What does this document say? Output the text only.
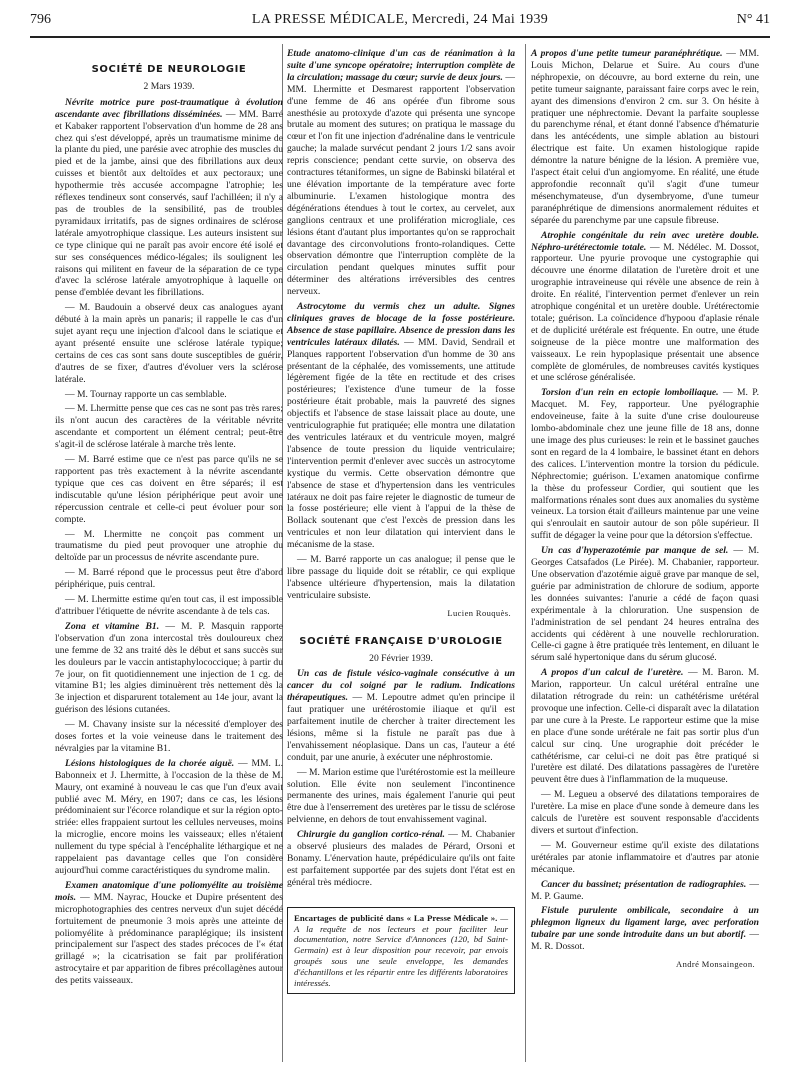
796	LA PRESSE MÉDICALE, Mercredi, 24 Mai 1939	N° 41
SOCIÉTÉ DE NEUROLOGIE
2 Mars 1939.

Névrite motrice pure post-traumatique à évolution ascendante avec fibrillations disséminées. — MM. Barré et Kabaker rapportent l'observation d'un homme de 28 ans chez qui s'est développé, après un traumatisme minime de la plante du pied, une parésie avec atrophie des muscles du pied et de la jambe, ainsi que des fibrillations aux deux cuisses et bientôt aux deltoïdes et aux pectoraux; une hypothermie très accusée accompagne l'atrophie; les réflexes tendineux sont conservés, sauf l'achilléen; il n'y a pas de troubles de la sensibilité, pas de troubles pyramidaux irritatifs, pas de signes ordinaires de sclérose latérale amyotrophique classique. Les auteurs insistent sur ce type clinique qui ne paraît pas avoir encore été isolé et sur ses conséquences médico-légales; ils soulignent les raisons qui militent en faveur de la séparation de ce type d'avec la sclérose latérale amyotrophique à laquelle on pense d'emblée devant les fibrillations.

— M. Baudouin a observé deux cas analogues ayant débuté à la main après un panaris; il rappelle le cas d'un sujet ayant reçu une injection d'alcool dans le sciatique et ayant présenté ensuite une sclérose latérale typique; certains de ces cas sont sans doute susceptibles de guérir, d'autres de se fixer, d'autres d'évoluer vers la sclérose latérale.

— M. Tournay rapporte un cas semblable.

— M. Lhermitte pense que ces cas ne sont pas très rares; ils n'ont aucun des caractères de la véritable névrite ascendante et comportent un élément central; peut-être s'agit-il de sclérose latérale à marche très lente.

— M. Barré estime que ce n'est pas parce qu'ils ne se rapportent pas très exactement à la névrite ascendante typique que ces cas doivent en être séparés; il est indiscutable qu'une lésion périphérique peut avoir une répercussion centrale et celle-ci peut évoluer pour son compte.

— M. Lhermitte ne conçoit pas comment un traumatisme du pied peut provoquer une atrophie du deltoïde par un processus de névrite ascendante pure.

— M. Barré répond que le processus peut être d'abord périphérique, puis central.

— M. Lhermitte estime qu'en tout cas, il est impossible d'attribuer l'étiquette de névrite ascendante à de tels cas.

Zona et vitamine B1. — M. P. Masquin rapporte l'observation d'un zona intercostal très douloureux chez une femme de 32 ans traité dès le début et sans succès sur les douleurs par le vaccin antistaphylococcique; à partir du 7e jour, on fit quotidiennement une injection de 1 cg. de vitamine B1; les algies diminuèrent très nettement dès la 3e injection et disparurent totalement au 14e jour, avant la guérison des lésions cutanées.

— M. Chavany insiste sur la nécessité d'employer des doses fortes et la voie veineuse dans le traitement des névralgies par la vitamine B1.

Lésions histologiques de la chorée aiguë. — MM. L. Babonneix et J. Lhermitte, à l'occasion de la thèse de M. Maury, ont examiné à nouveau le cas que l'un d'eux avait publié avec M. Méry, en 1907; dans ce cas, les lésions prédominaient sur l'écorce rolandique et sur la région opto-striée: elles frappaient surtout les cellules nerveuses, moins la microglie, encore moins les vaisseaux; elles n'étaient nullement du type spécial à l'encéphalite léthargique et ne rappelaient pas davantage celles que l'on considère aujourd'hui comme caractéristiques du syndrome malin.

Examen anatomique d'une poliomyélite au troisième mois. — MM. Nayrac, Houcke et Dupire présentent des microphotographies des centres nerveux d'un sujet décédé fortuitement de pneumonie 3 mois après une atteinte de poliomyélite à prédominance paraplégique; ils insistent principalement sur l'aspect des stades précoces de l'« état grillagé »; la cicatrisation se fait par prolifération astrocytaire et par apparition de fibres précollagènes autour des petits vaisseaux.

Etude anatomo-clinique d'un cas de réanimation à la suite d'une syncope opératoire; interruption complète de la circulation; massage du cœur; survie de deux jours. — MM. Lhermitte et Desmarest rapportent l'observation d'une femme de 46 ans opérée d'un fibrome sous anesthésie au protoxyde d'azote qui présenta une syncope brutale au moment des sutures; on pratiqua le massage du cœur et l'on fit une injection d'adrénaline dans le ventricule gauche; la malade survécut pendant 2 jours 1/2 sans avoir repris conscience; pendant cette survie, on observa des contractures tétaniformes, un signe de Babinski bilatéral et une élévation importante de la température avec forte albuminurie. L'examen histologique montra des dégénérations étendues à tout le cortex, au cervelet, aux ganglions centraux et une prolifération microgliale, ces lésions étant d'autant plus importantes qu'on se rapprochait davantage des circonvolutions fronto-rolandiques. Cette observation démontre que l'interruption complète de la circulation pendant quelques minutes suffit pour déterminer des altérations irréversibles des centres nerveux.

Astrocytome du vermis chez un adulte. Signes cliniques graves de blocage de la fosse postérieure. Absence de stase papillaire. Absence de pression dans les ventricules latéraux dilatés. — MM. David, Sendrail et Planques rapportent l'observation d'un homme de 30 ans présentant de la céphalée, des vomissements, une attitude légèrement figée de la tête en rectitude et des crises postérieures; l'existence d'une tumeur de la fosse postérieure était probable, mais la pauvreté des signes objectifs et l'absence de stase laissait place au doute, une ventriculographie fut pratiquée; elle montra une dilatation des ventricules latéraux et du ventricule moyen, malgré l'absence de toute pression du liquide ventriculaire; l'intervention permit d'enlever avec succès un astrocytome kystique du vermis. Cette observation démontre que l'absence de stase et d'hypertension dans les ventricules latéraux ne doit pas faire rejeter le diagnostic de tumeur de la fosse postérieure; elle vient à l'appui de la thèse de Bollack soutenant que c'est l'excès de pression dans les ventricules et non leur dilatation qui intervient dans le mécanisme de la stase.

— M. Barré rapporte un cas analogue; il pense que le libre passage du liquide doit se rétablir, ce qui explique l'absence ultérieure d'hypertension, mais la dilatation ventriculaire subsiste.

Lucien Rouquès.
SOCIÉTÉ FRANÇAISE D'UROLOGIE
20 Février 1939.

Un cas de fistule vésico-vaginale consécutive à un cancer du col soigné par le radium. Indications thérapeutiques. — M. Lepoutre admet qu'en principe il faut pratiquer une urétérostomie iliaque et qu'il est parfaitement inutile de chercher à traiter directement les lésions, même si la fistule ne paraît pas due à l'envahissement néoplasique. Dans un cas, l'auteur a été conduit, par une anurie, à exécuter une néphrostomie.

— M. Marion estime que l'urétérostomie est la meilleure solution. Elle évite non seulement l'incontinence permanente des urines, mais également l'anurie qui peut être due à l'enserrement des uretères par le tissu de sclérose pelvienne, en dehors de tout envahissement vaginal.

Chirurgie du ganglion cortico-rénal. — M. Chabanier a observé plusieurs des malades de Pérard, Orsoni et Bonamy. L'énervation haute, prépédiculaire qu'ils ont faite est parfaitement supportée par des sujets dont l'état est en général très médiocre.

Encartages de publicité dans « La Presse Médicale ». — A la requête de nos lecteurs et pour faciliter leur documentation, notre Service d'Annonces (120, bd Saint-Germain) est à leur disposition pour recevoir, par envois groupés sous une seule enveloppe, les demandes d'échantillons et les répartir entre les différents laboratoires intéressés.

A propos d'une petite tumeur paranéphrétique. — MM. Louis Michon, Delarue et Suire. Au cours d'une néphropexie, on découvre, au bord externe du rein, une petite tumeur saignante, paraissant faire corps avec le rein, ayant des dimensions d'environ 2 cm. sur 3. On hésite à pratiquer une néphrectomie. Devant la parfaite souplesse du parenchyme rénal, et étant donné l'absence d'hématurie dans les antécédents, une simple ablation au bistouri électrique est faite. Un examen histologique rapide démontre la nature bénigne de la lésion. A première vue, l'aspect était celui d'un angiomyome. En réalité, une étude approfondie reconnaît qu'il s'agit d'une tumeur mésenchymateuse, d'un dysembryome, d'une tumeur paranéphrétique de dimensions anormalement réduites et séparée du parenchyme par une capsule fibreuse.

Atrophie congénitale du rein avec uretère double. Néphro-urétérectomie totale. — M. Nédélec. M. Dossot, rapporteur. Une pyurie provoque une cystographie qui découvre une énorme dilatation de l'uretère droit et une urographie intraveineuse qui révèle une absence de rein à droite. En réalité, l'intervention permet d'enlever un rein atrophique congénital et un uretère double. Urétérectomie totale; guérison. La coïncidence d'hypoou d'aplasie rénale et de duplicité urétérale est fréquente. En outre, une étude soigneuse de la pièce montre une malformation des vaisseaux. Le rein hypoplasique présentait une absence complète de glomérules, de nombreuses cavités kystiques et une sclérose généralisée.

Torsion d'un rein en ectopie lomboiliaque. — M. P. Macquet. M. Fey, rapporteur. Une pyélographie endoveineuse, faite à la suite d'une crise douloureuse lombo-abdominale chez une jeune fille de 18 ans, donne une image des plus curieuses: le rein et le bassinet gauches sont en regard de la 4 lombaire, le bassinet étant en dehors des calices. L'intervention montre la torsion du pédicule. Néphrectomie; guérison. L'examen anatomique confirme la thèse du professeur Cordier, qui soutient que les malformations rénales sont dues aux anomalies du système veineux. La torsion était d'ailleurs maintenue par une veine qui s'enroulait en sautoir autour de son pôle supérieur. Il suffit de dégager la veine pour que la détorsion s'effectue.

Un cas d'hyperazotémie par manque de sel. — M. Georges Catsafados (Le Pirée). M. Chabanier, rapporteur. Une observation d'azotémie aiguë grave par manque de sel, guérie par administration de chlorure de sodium, apporte les données suivantes: l'anurie a cédé de façon quasi expérimentale à la chloruration. Une suspension de l'administration de sel pendant 24 heures entraîna des accidents qui cédèrent à une nouvelle rechloruration. Celle-ci gagne à être pratiquée très lentement, en diluant le sérum salé hypertonique dans du sérum glucosé.

A propos d'un calcul de l'uretère. — M. Baron. M. Marion, rapporteur. Un calcul urétéral entraîne une dilatation rétrograde du rein: un cathétérisme urétéral provoque une infection. Celle-ci disparaît avec la dilatation par une cure à la Preste. Le rapporteur estime que la mise en place d'une sonde urétérale ne fait pas sortir plus d'un calcul sur cinq. Une urographie doit précéder le cathétérisme, car celui-ci ne doit pas être pratiqué si l'uretère est dilaté. Des dilatations passagères de l'uretère peuvent être dues à l'inflammation de la muqueuse.

— M. Legueu a observé des dilatations temporaires de l'uretère. La mise en place d'une sonde à demeure dans les calculs de l'uretère est souvent responsable d'accidents divers et surtout d'infection.

— M. Gouverneur estime qu'il existe des dilatations urétérales par atonie inflammatoire et d'autres par atonie mécanique.

Cancer du bassinet; présentation de radiographies. — M. P. Gaume.

Fistule purulente ombilicale, secondaire à un phlegmon ligneux du ligament large, avec perforation tubaire par une sonde introduite dans un but abortif. — M. R. Dossot.

André Monsaingeon.
